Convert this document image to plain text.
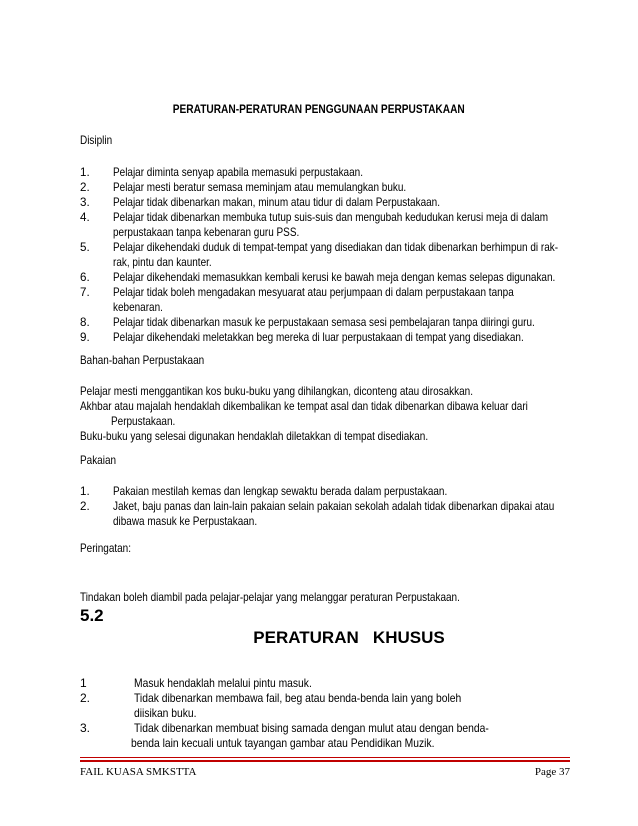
PERATURAN-PERATURAN PENGGUNAAN PERPUSTAKAAN
Disiplin
1. Pelajar diminta senyap apabila memasuki perpustakaan.
2. Pelajar mesti beratur semasa meminjam atau memulangkan buku.
3. Pelajar tidak dibenarkan makan, minum atau tidur di dalam Perpustakaan.
4. Pelajar tidak dibenarkan membuka tutup suis-suis dan mengubah kedudukan kerusi meja di dalam
perpustakaan tanpa kebenaran guru PSS.
5. Pelajar dikehendaki duduk di tempat-tempat yang disediakan dan tidak dibenarkan berhimpun di rak-
rak, pintu dan kaunter.
6. Pelajar dikehendaki memasukkan kembali kerusi ke bawah meja dengan kemas selepas digunakan.
7. Pelajar tidak boleh mengadakan mesyuarat atau perjumpaan di dalam perpustakaan tanpa
kebenaran.
8. Pelajar tidak dibenarkan masuk ke perpustakaan semasa sesi pembelajaran tanpa diiringi guru.
9. Pelajar dikehendaki meletakkan beg mereka di luar perpustakaan di tempat yang disediakan.
Bahan-bahan Perpustakaan
Pelajar mesti menggantikan kos buku-buku yang dihilangkan, diconteng atau dirosakkan.
Akhbar atau majalah hendaklah dikembalikan ke tempat asal dan tidak dibenarkan dibawa keluar dari
Perpustakaan.
Buku-buku yang selesai digunakan hendaklah diletakkan di tempat disediakan.
Pakaian
1. Pakaian mestilah kemas dan lengkap sewaktu berada dalam perpustakaan.
2. Jaket, baju panas dan lain-lain pakaian selain pakaian sekolah adalah tidak dibenarkan dipakai atau
dibawa masuk ke Perpustakaan.
Peringatan:
Tindakan boleh diambil pada pelajar-pelajar yang melanggar peraturan Perpustakaan.
5.2
PERATURAN   KHUSUS
1	Masuk hendaklah melalui pintu masuk.
2.	Tidak dibenarkan membawa fail, beg atau benda-benda lain yang boleh
diisikan buku.
3.	Tidak dibenarkan membuat bising samada dengan mulut atau dengan benda-
benda lain kecuali untuk tayangan gambar atau Pendidikan Muzik.
FAIL KUASA SMKSTTA	Page 37
